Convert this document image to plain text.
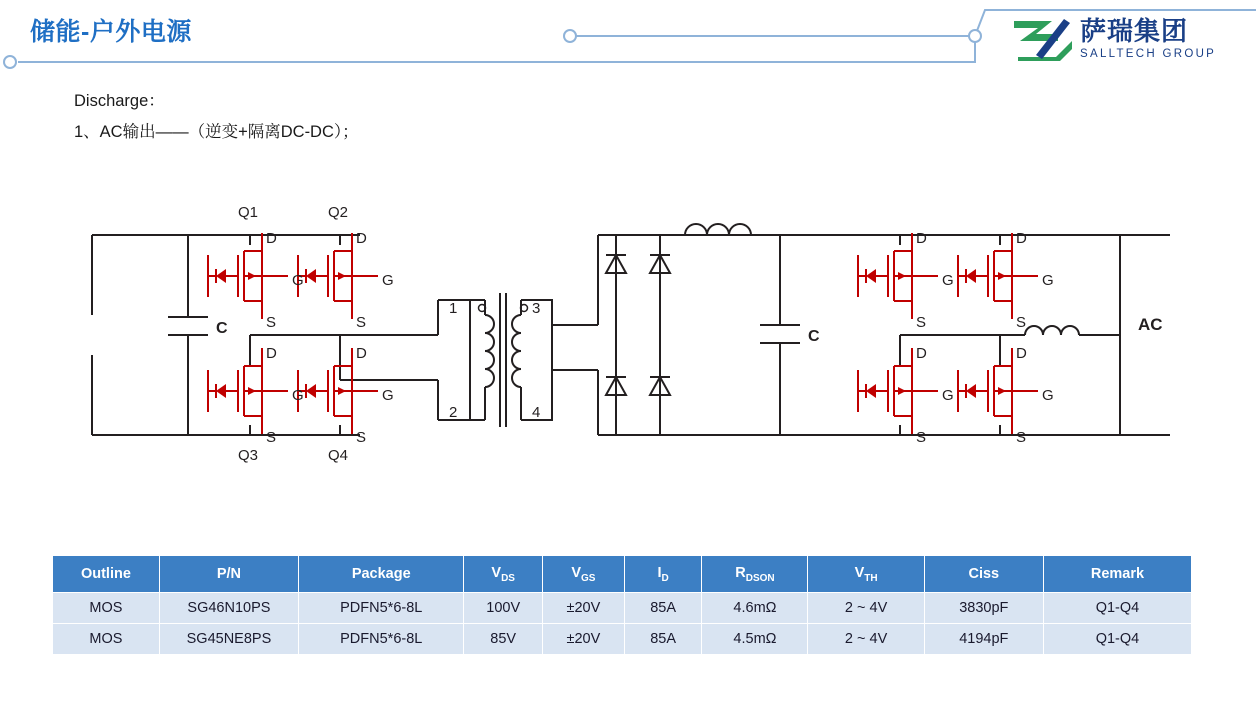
储能-户外电源	萨瑞集团
SALLTECH GROUP
Discharge：
1、AC输出——（逆变+隔离DC-DC）；
Q1	Q2
Q3	Q4
C	C
AC
1
2
3
4
D
S
G
D
S
G
D
S
G
D
S
G
D
S
G
D
S
G
D
S
G
D
S
G
Outline	P/N	Package	$V_{DS}$	$V_{GS}$	$I_D$	$R_{DSON}$	$V_{TH}$	Ciss	Remark
MOS	SG46N10PS	PDFN5*6-8L	100V	±20V	85A	4.6mΩ	2 ~ 4V	3830pF	Q1-Q4
MOS	SG45NE8PS	PDFN5*6-8L	85V	±20V	85A	4.5mΩ	2 ~ 4V	4194pF	Q1-Q4
